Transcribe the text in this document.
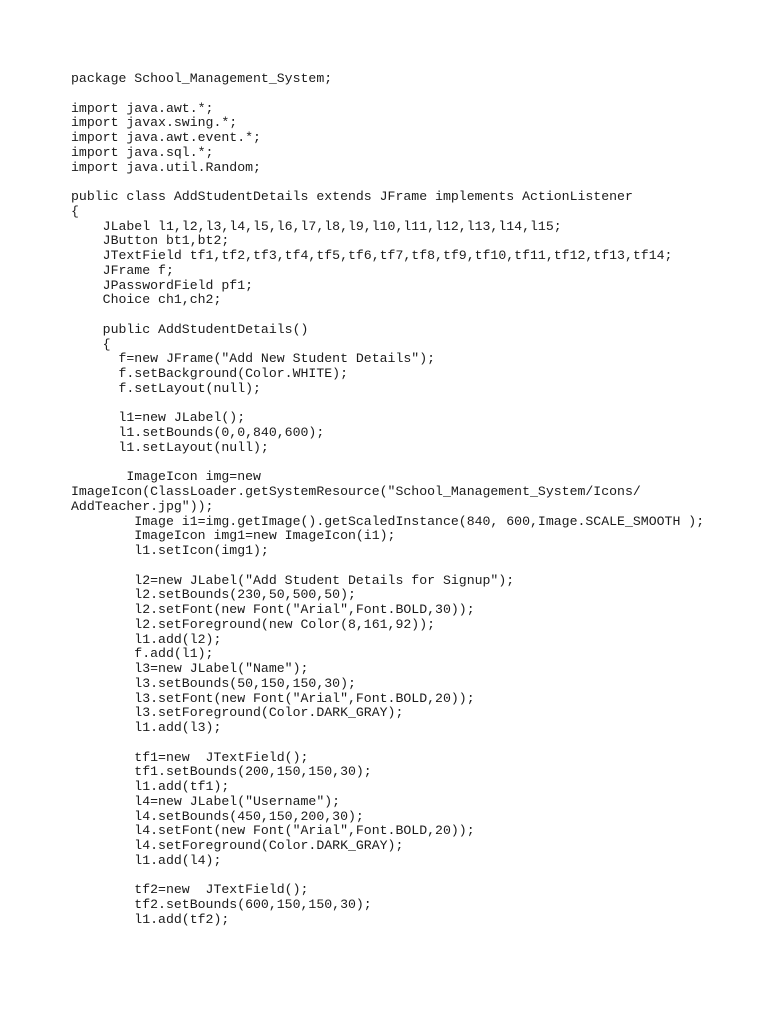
package School_Management_System;
import java.awt.*;
import javax.swing.*;
import java.awt.event.*;
import java.sql.*;
import java.util.Random;
public class AddStudentDetails extends JFrame implements ActionListener
{
JLabel l1,l2,l3,l4,l5,l6,l7,l8,l9,l10,l11,l12,l13,l14,l15;
JButton bt1,bt2;
JTextField tf1,tf2,tf3,tf4,tf5,tf6,tf7,tf8,tf9,tf10,tf11,tf12,tf13,tf14;
JFrame f;
JPasswordField pf1;
Choice ch1,ch2;
public AddStudentDetails()
{
f=new JFrame("Add New Student Details");
f.setBackground(Color.WHITE);
f.setLayout(null);
l1=new JLabel();
l1.setBounds(0,0,840,600);
l1.setLayout(null);
ImageIcon img=new
ImageIcon(ClassLoader.getSystemResource("School_Management_System/Icons/
AddTeacher.jpg"));
Image i1=img.getImage().getScaledInstance(840, 600,Image.SCALE_SMOOTH );
ImageIcon img1=new ImageIcon(i1);
l1.setIcon(img1);
l2=new JLabel("Add Student Details for Signup");
l2.setBounds(230,50,500,50);
l2.setFont(new Font("Arial",Font.BOLD,30));
l2.setForeground(new Color(8,161,92));
l1.add(l2);
f.add(l1);
l3=new JLabel("Name");
l3.setBounds(50,150,150,30);
l3.setFont(new Font("Arial",Font.BOLD,20));
l3.setForeground(Color.DARK_GRAY);
l1.add(l3);
tf1=new  JTextField();
tf1.setBounds(200,150,150,30);
l1.add(tf1);
l4=new JLabel("Username");
l4.setBounds(450,150,200,30);
l4.setFont(new Font("Arial",Font.BOLD,20));
l4.setForeground(Color.DARK_GRAY);
l1.add(l4);
tf2=new  JTextField();
tf2.setBounds(600,150,150,30);
l1.add(tf2);
